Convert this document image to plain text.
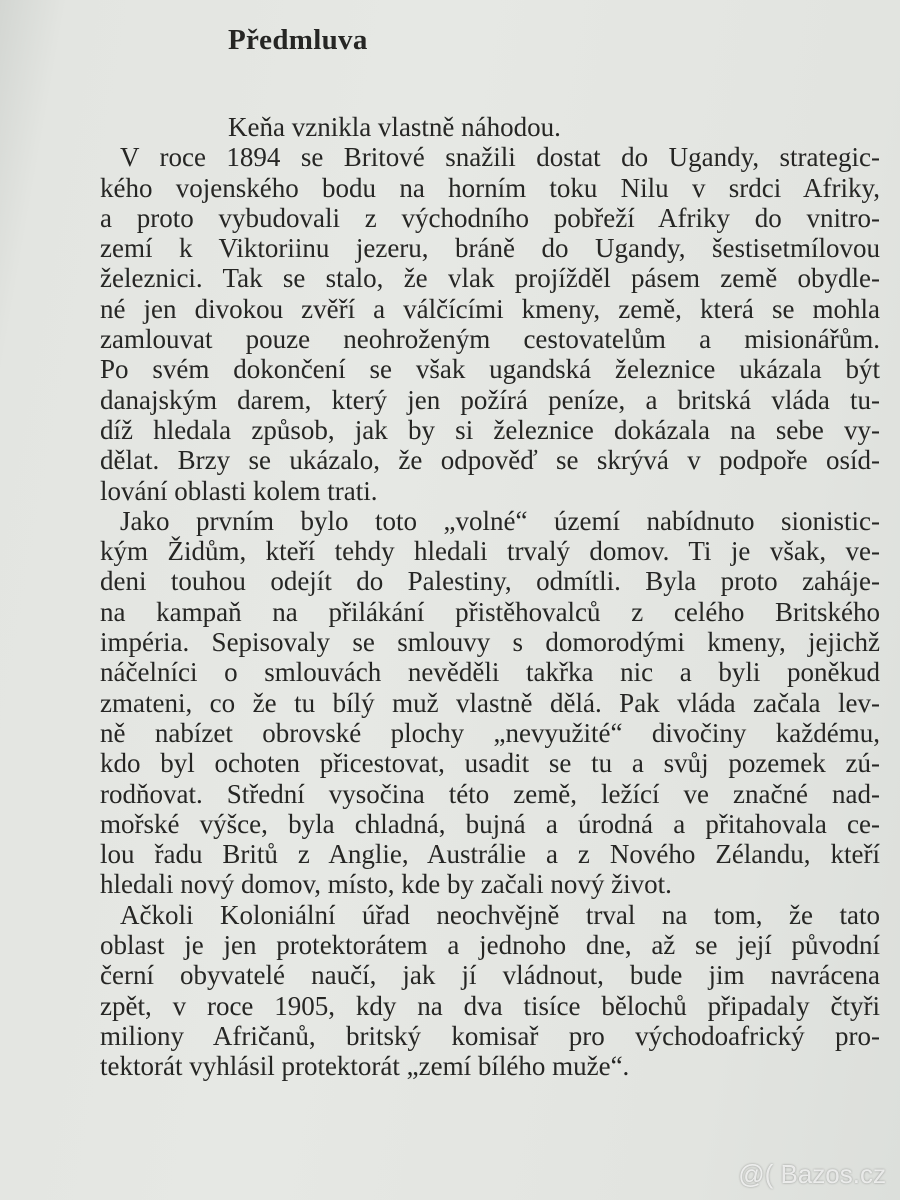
Předmluva
Keňa vznikla vlastně náhodou.
V roce 1894 se Britové snažili dostat do Ugandy, strategic-
kého vojenského bodu na horním toku Nilu v srdci Afriky,
a proto vybudovali z východního pobřeží Afriky do vnitro-
zemí k Viktoriinu jezeru, bráně do Ugandy, šestisetmílovou
železnici. Tak se stalo, že vlak projížděl pásem země obydle-
né jen divokou zvěří a válčícími kmeny, země, která se mohla
zamlouvat pouze neohroženým cestovatelům a misionářům.
Po svém dokončení se však ugandská železnice ukázala být
danajským darem, který jen požírá peníze, a britská vláda tu-
díž hledala způsob, jak by si železnice dokázala na sebe vy-
dělat. Brzy se ukázalo, že odpověď se skrývá v podpoře osíd-
lování oblasti kolem trati.
Jako prvním bylo toto „volné“ území nabídnuto sionistic-
kým Židům, kteří tehdy hledali trvalý domov. Ti je však, ve-
deni touhou odejít do Palestiny, odmítli. Byla proto zaháje-
na kampaň na přilákání přistěhovalců z celého Britského
impéria. Sepisovaly se smlouvy s domorodými kmeny, jejichž
náčelníci o smlouvách nevěděli takřka nic a byli poněkud
zmateni, co že tu bílý muž vlastně dělá. Pak vláda začala lev-
ně nabízet obrovské plochy „nevyužité“ divočiny každému,
kdo byl ochoten přicestovat, usadit se tu a svůj pozemek zú-
rodňovat. Střední vysočina této země, ležící ve značné nad-
mořské výšce, byla chladná, bujná a úrodná a přitahovala ce-
lou řadu Britů z Anglie, Austrálie a z Nového Zélandu, kteří
hledali nový domov, místo, kde by začali nový život.
Ačkoli Koloniální úřad neochvějně trval na tom, že tato
oblast je jen protektorátem a jednoho dne, až se její původní
černí obyvatelé naučí, jak jí vládnout, bude jim navrácena
zpět, v roce 1905, kdy na dva tisíce bělochů připadaly čtyři
miliony Afričanů, britský komisař pro východoafrický pro-
tektorát vyhlásil protektorát „zemí bílého muže“.
@( Bazos.cz
